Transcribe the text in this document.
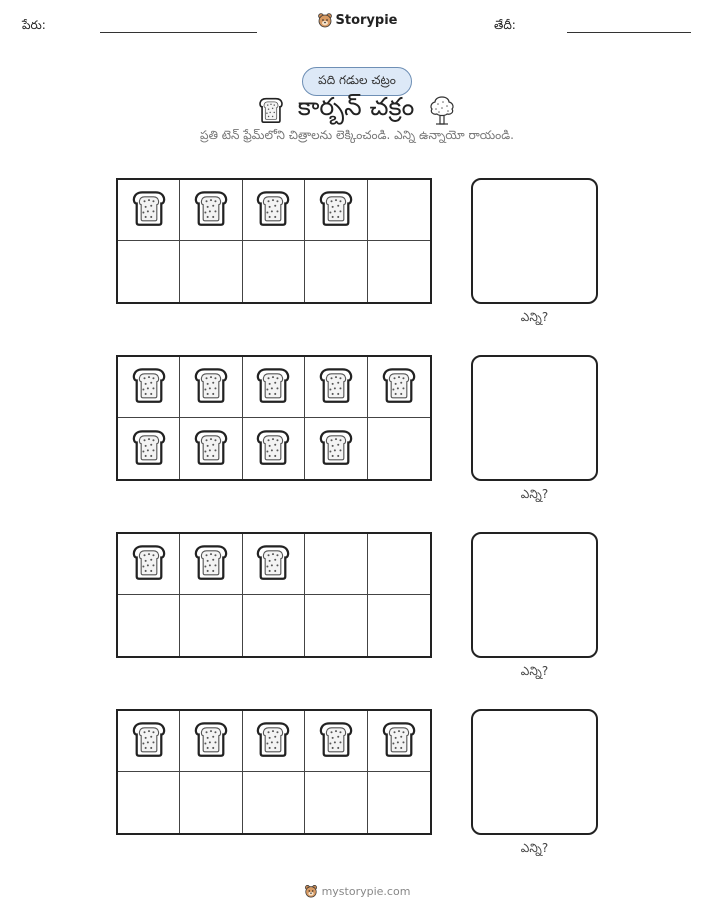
పేరు:	Storypie	తేదీ:
పది గడుల చట్రం
కార్బన్ చక్రం
ప్రతి టెన్ ఫ్రేమ్‌లోని చిత్రాలను లెక్కించండి. ఎన్ని ఉన్నాయో రాయండి.
ఎన్ని?
ఎన్ని?
ఎన్ని?
ఎన్ని?
mystorypie.com
